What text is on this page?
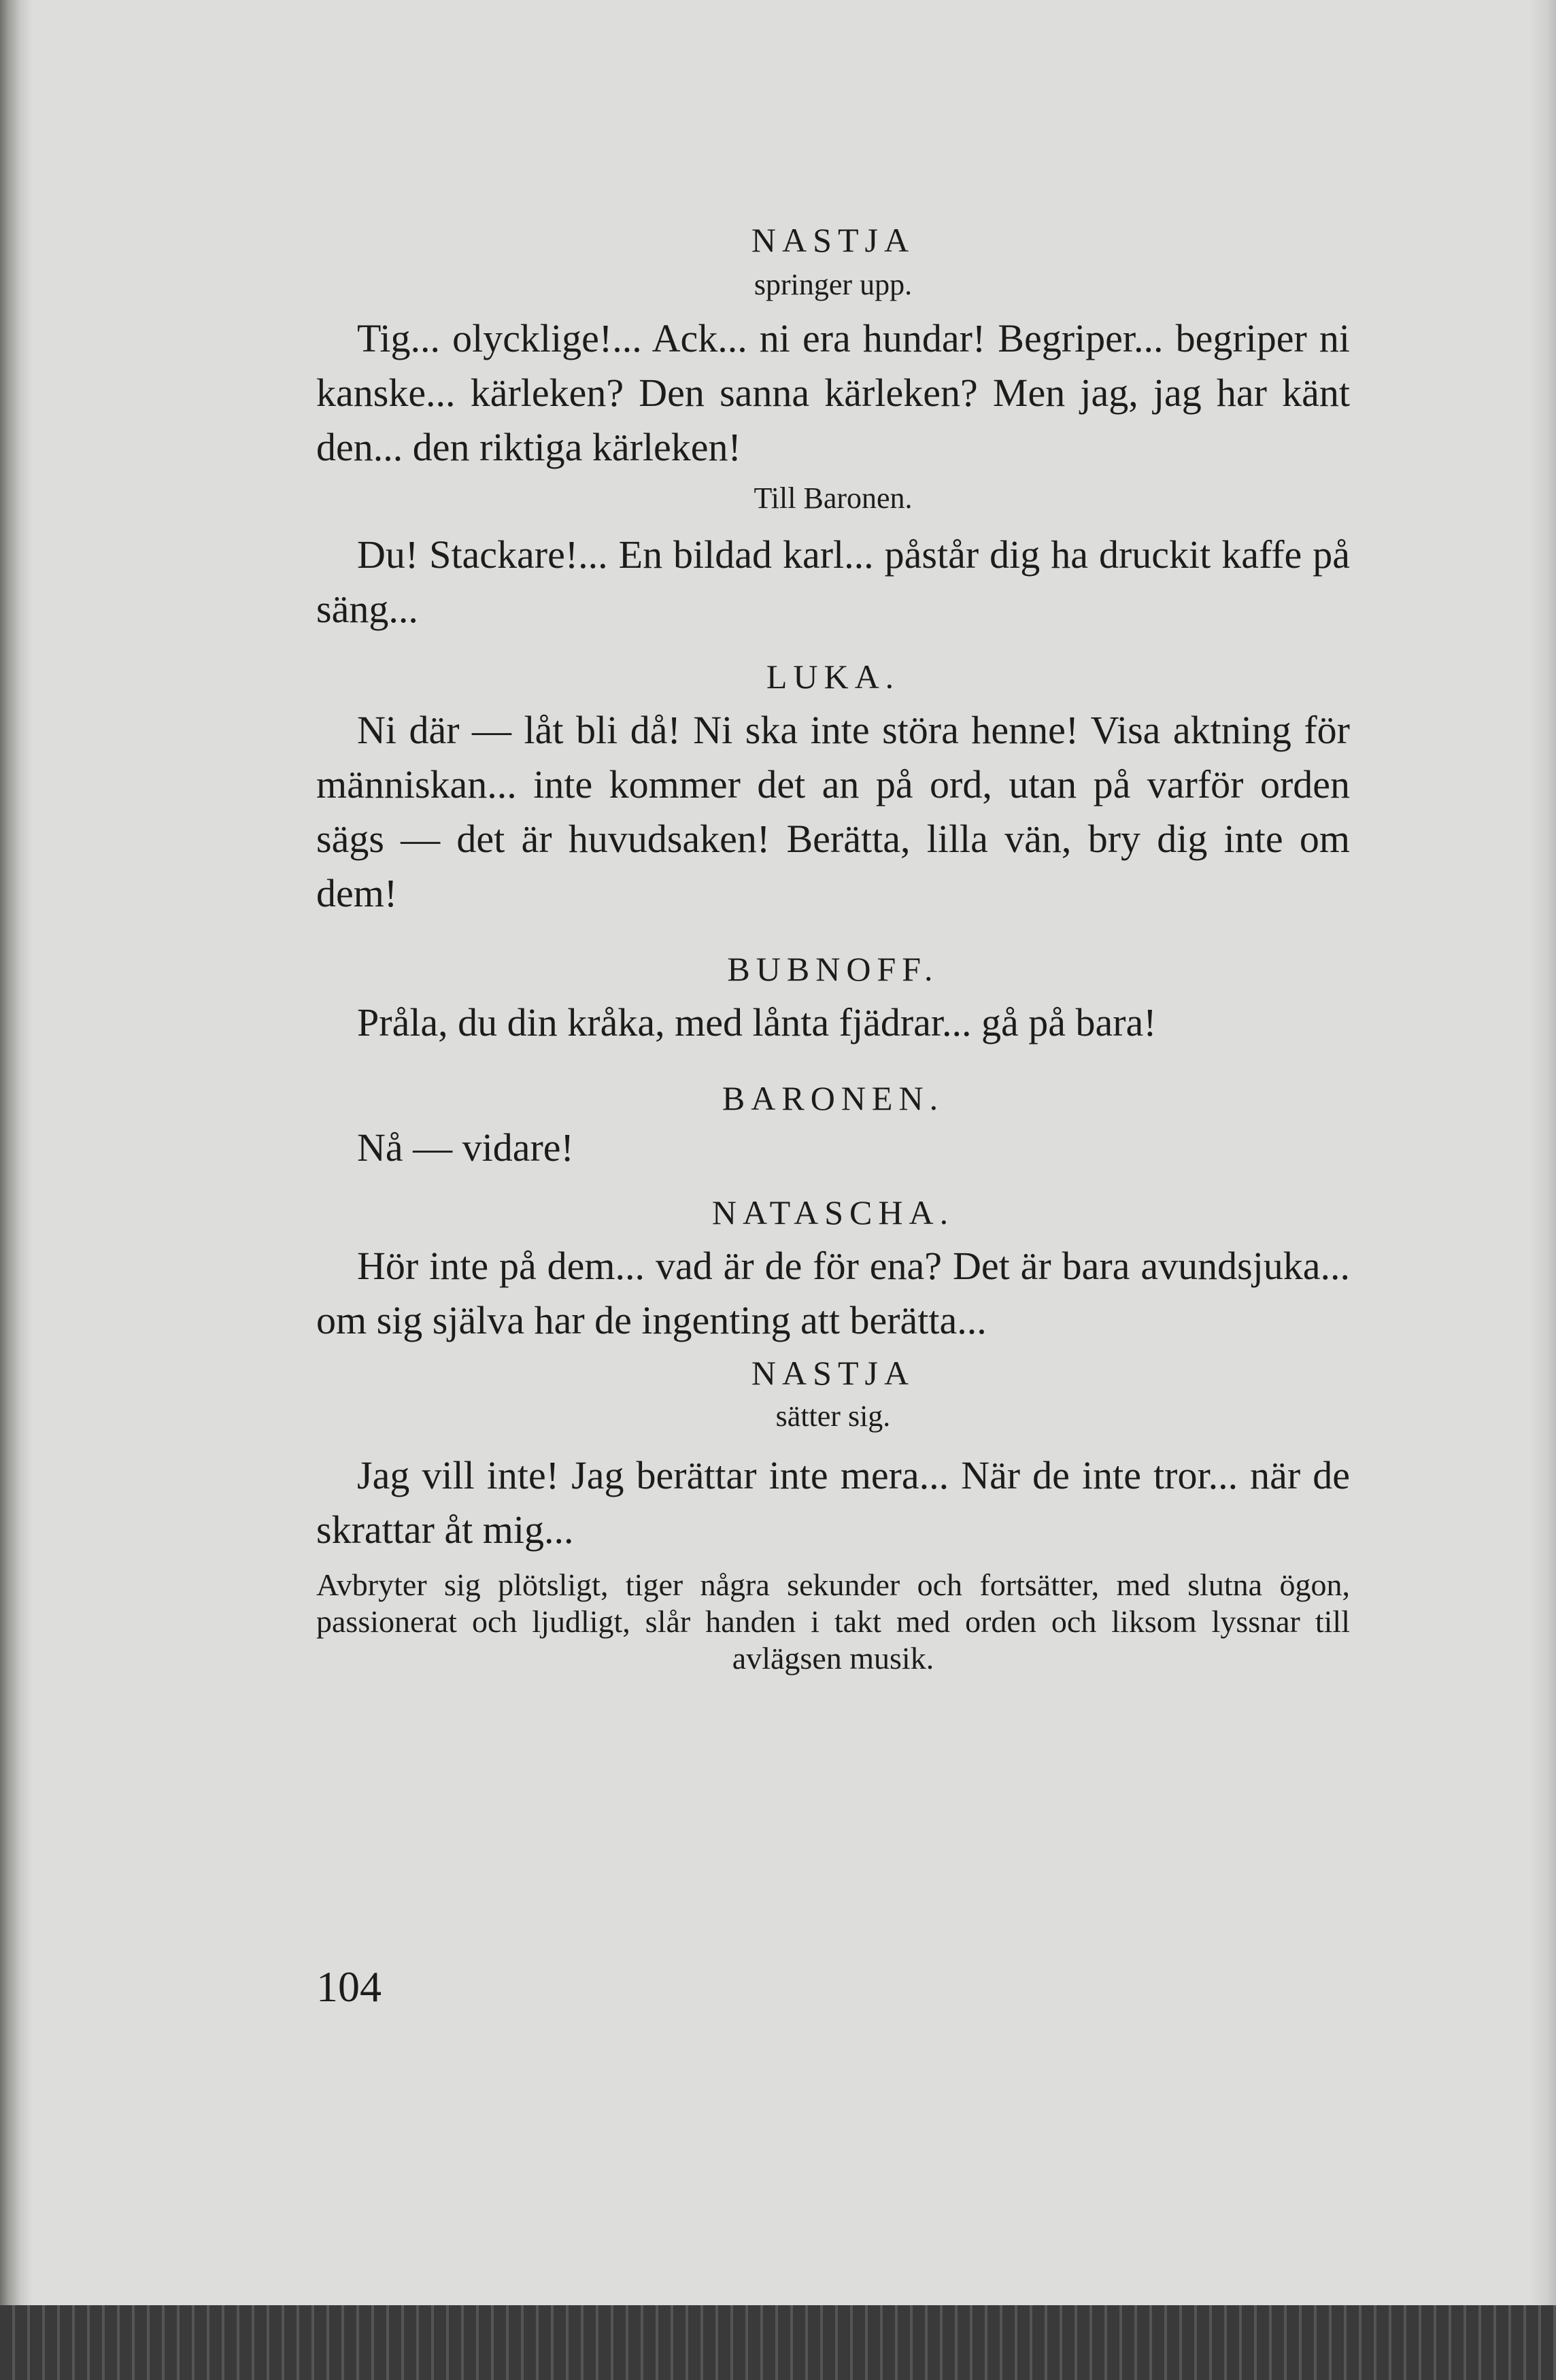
NASTJA

springer upp.

Tig... olycklige!... Ack... ni era hundar! Begriper... begriper ni kanske... kärleken? Den sanna kärleken? Men jag, jag har känt den... den riktiga kärleken!

Till Baronen.

Du! Stackare!... En bildad karl... påstår dig ha druckit kaffe på säng...

LUKA.

Ni där — låt bli då! Ni ska inte störa henne! Visa aktning för människan... inte kommer det an på ord, utan på varför orden sägs — det är huvudsaken! Berätta, lilla vän, bry dig inte om dem!

BUBNOFF.

Pråla, du din kråka, med lånta fjädrar... gå på bara!

BARONEN.

Nå — vidare!

NATASCHA.

Hör inte på dem... vad är de för ena? Det är bara avundsjuka... om sig själva har de ingenting att berätta...

NASTJA

sätter sig.

Jag vill inte! Jag berättar inte mera... När de inte tror... när de skrattar åt mig...

Avbryter sig plötsligt, tiger några sekunder och fortsätter, med slutna ögon, passionerat och ljudligt, slår handen i takt med orden och liksom lyssnar till avlägsen musik.

104
